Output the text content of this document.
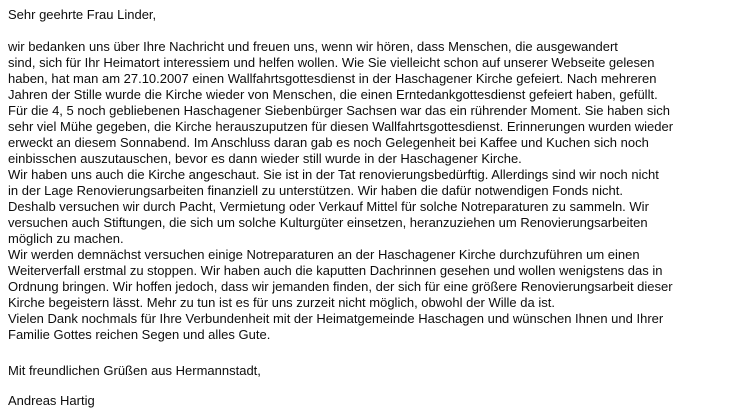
Sehr geehrte Frau Linder,
wir bedanken uns über Ihre Nachricht und freuen uns, wenn wir hören, dass Menschen, die ausgewandert
sind, sich für Ihr Heimatort interessiem und helfen wollen. Wie Sie vielleicht schon auf unserer Webseite gelesen
haben, hat man am 27.10.2007 einen Wallfahrtsgottesdienst in der Haschagener Kirche gefeiert. Nach mehreren
Jahren der Stille wurde die Kirche wieder von Menschen, die einen Erntedankgottesdienst gefeiert haben, gefüllt.
Für die 4, 5 noch gebliebenen Haschagener Siebenbürger Sachsen war das ein rührender Moment. Sie haben sich
sehr viel Mühe gegeben, die Kirche herauszuputzen für diesen Wallfahrtsgottesdienst. Erinnerungen wurden wieder
erweckt an diesem Sonnabend. Im Anschluss daran gab es noch Gelegenheit bei Kaffee und Kuchen sich noch
einbisschen auszutauschen, bevor es dann wieder still wurde in der Haschagener Kirche.
Wir haben uns auch die Kirche angeschaut. Sie ist in der Tat renovierungsbedürftig. Allerdings sind wir noch nicht
in der Lage Renovierungsarbeiten finanziell zu unterstützen. Wir haben die dafür notwendigen Fonds nicht.
Deshalb versuchen wir durch Pacht, Vermietung oder Verkauf Mittel für solche Notreparaturen zu sammeln. Wir
versuchen auch Stiftungen, die sich um solche Kulturgüter einsetzen, heranzuziehen um Renovierungsarbeiten
möglich zu machen.
Wir werden demnächst versuchen einige Notreparaturen an der Haschagener Kirche durchzuführen um einen
Weiterverfall erstmal zu stoppen. Wir haben auch die kaputten Dachrinnen gesehen und wollen wenigstens das in
Ordnung bringen. Wir hoffen jedoch, dass wir jemanden finden, der sich für eine größere Renovierungsarbeit dieser
Kirche begeistern lässt. Mehr zu tun ist es für uns zurzeit nicht möglich, obwohl der Wille da ist.
Vielen Dank nochmals für Ihre Verbundenheit mit der Heimatgemeinde Haschagen und wünschen Ihnen und Ihrer
Familie Gottes reichen Segen und alles Gute.
Mit freundlichen Grüßen aus Hermannstadt,
Andreas Hartig
